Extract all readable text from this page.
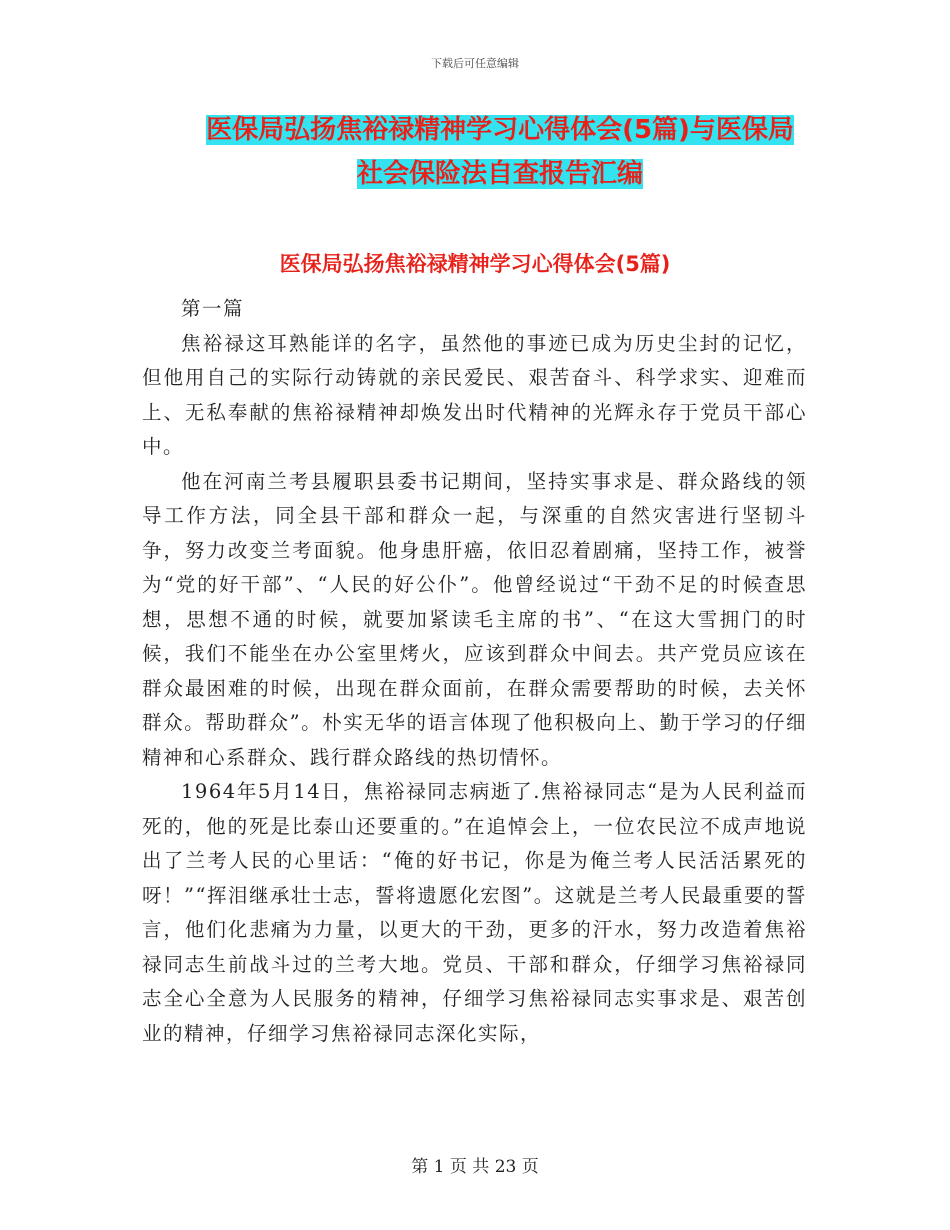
下载后可任意编辑
医保局弘扬焦裕禄精神学习心得体会(5篇)与医保局
社会保险法自查报告汇编
医保局弘扬焦裕禄精神学习心得体会(5篇)

第一篇

焦裕禄这耳熟能详的名字，虽然他的事迹已成为历史尘封的记忆，但他用自己的实际行动铸就的亲民爱民、艰苦奋斗、科学求实、迎难而上、无私奉献的焦裕禄精神却焕发出时代精神的光辉永存于党员干部心中。

他在河南兰考县履职县委书记期间，坚持实事求是、群众路线的领导工作方法，同全县干部和群众一起，与深重的自然灾害进行坚韧斗争，努力改变兰考面貌。他身患肝癌，依旧忍着剧痛，坚持工作，被誉为“党的好干部”、“人民的好公仆”。他曾经说过“干劲不足的时候查思想，思想不通的时候，就要加紧读毛主席的书”、“在这大雪拥门的时候，我们不能坐在办公室里烤火，应该到群众中间去。共产党员应该在群众最困难的时候，出现在群众面前，在群众需要帮助的时候，去关怀群众。帮助群众”。朴实无华的语言体现了他积极向上、勤于学习的仔细精神和心系群众、践行群众路线的热切情怀。

1964年5月14日，焦裕禄同志病逝了.焦裕禄同志“是为人民利益而死的，他的死是比泰山还要重的。”在追悼会上，一位农民泣不成声地说出了兰考人民的心里话：“俺的好书记，你是为俺兰考人民活活累死的呀！”“挥泪继承壮士志，誓将遗愿化宏图”。这就是兰考人民最重要的誓言，他们化悲痛为力量，以更大的干劲，更多的汗水，努力改造着焦裕禄同志生前战斗过的兰考大地。党员、干部和群众，仔细学习焦裕禄同志全心全意为人民服务的精神，仔细学习焦裕禄同志实事求是、艰苦创业的精神，仔细学习焦裕禄同志深化实际，

第 1 页 共 23 页
